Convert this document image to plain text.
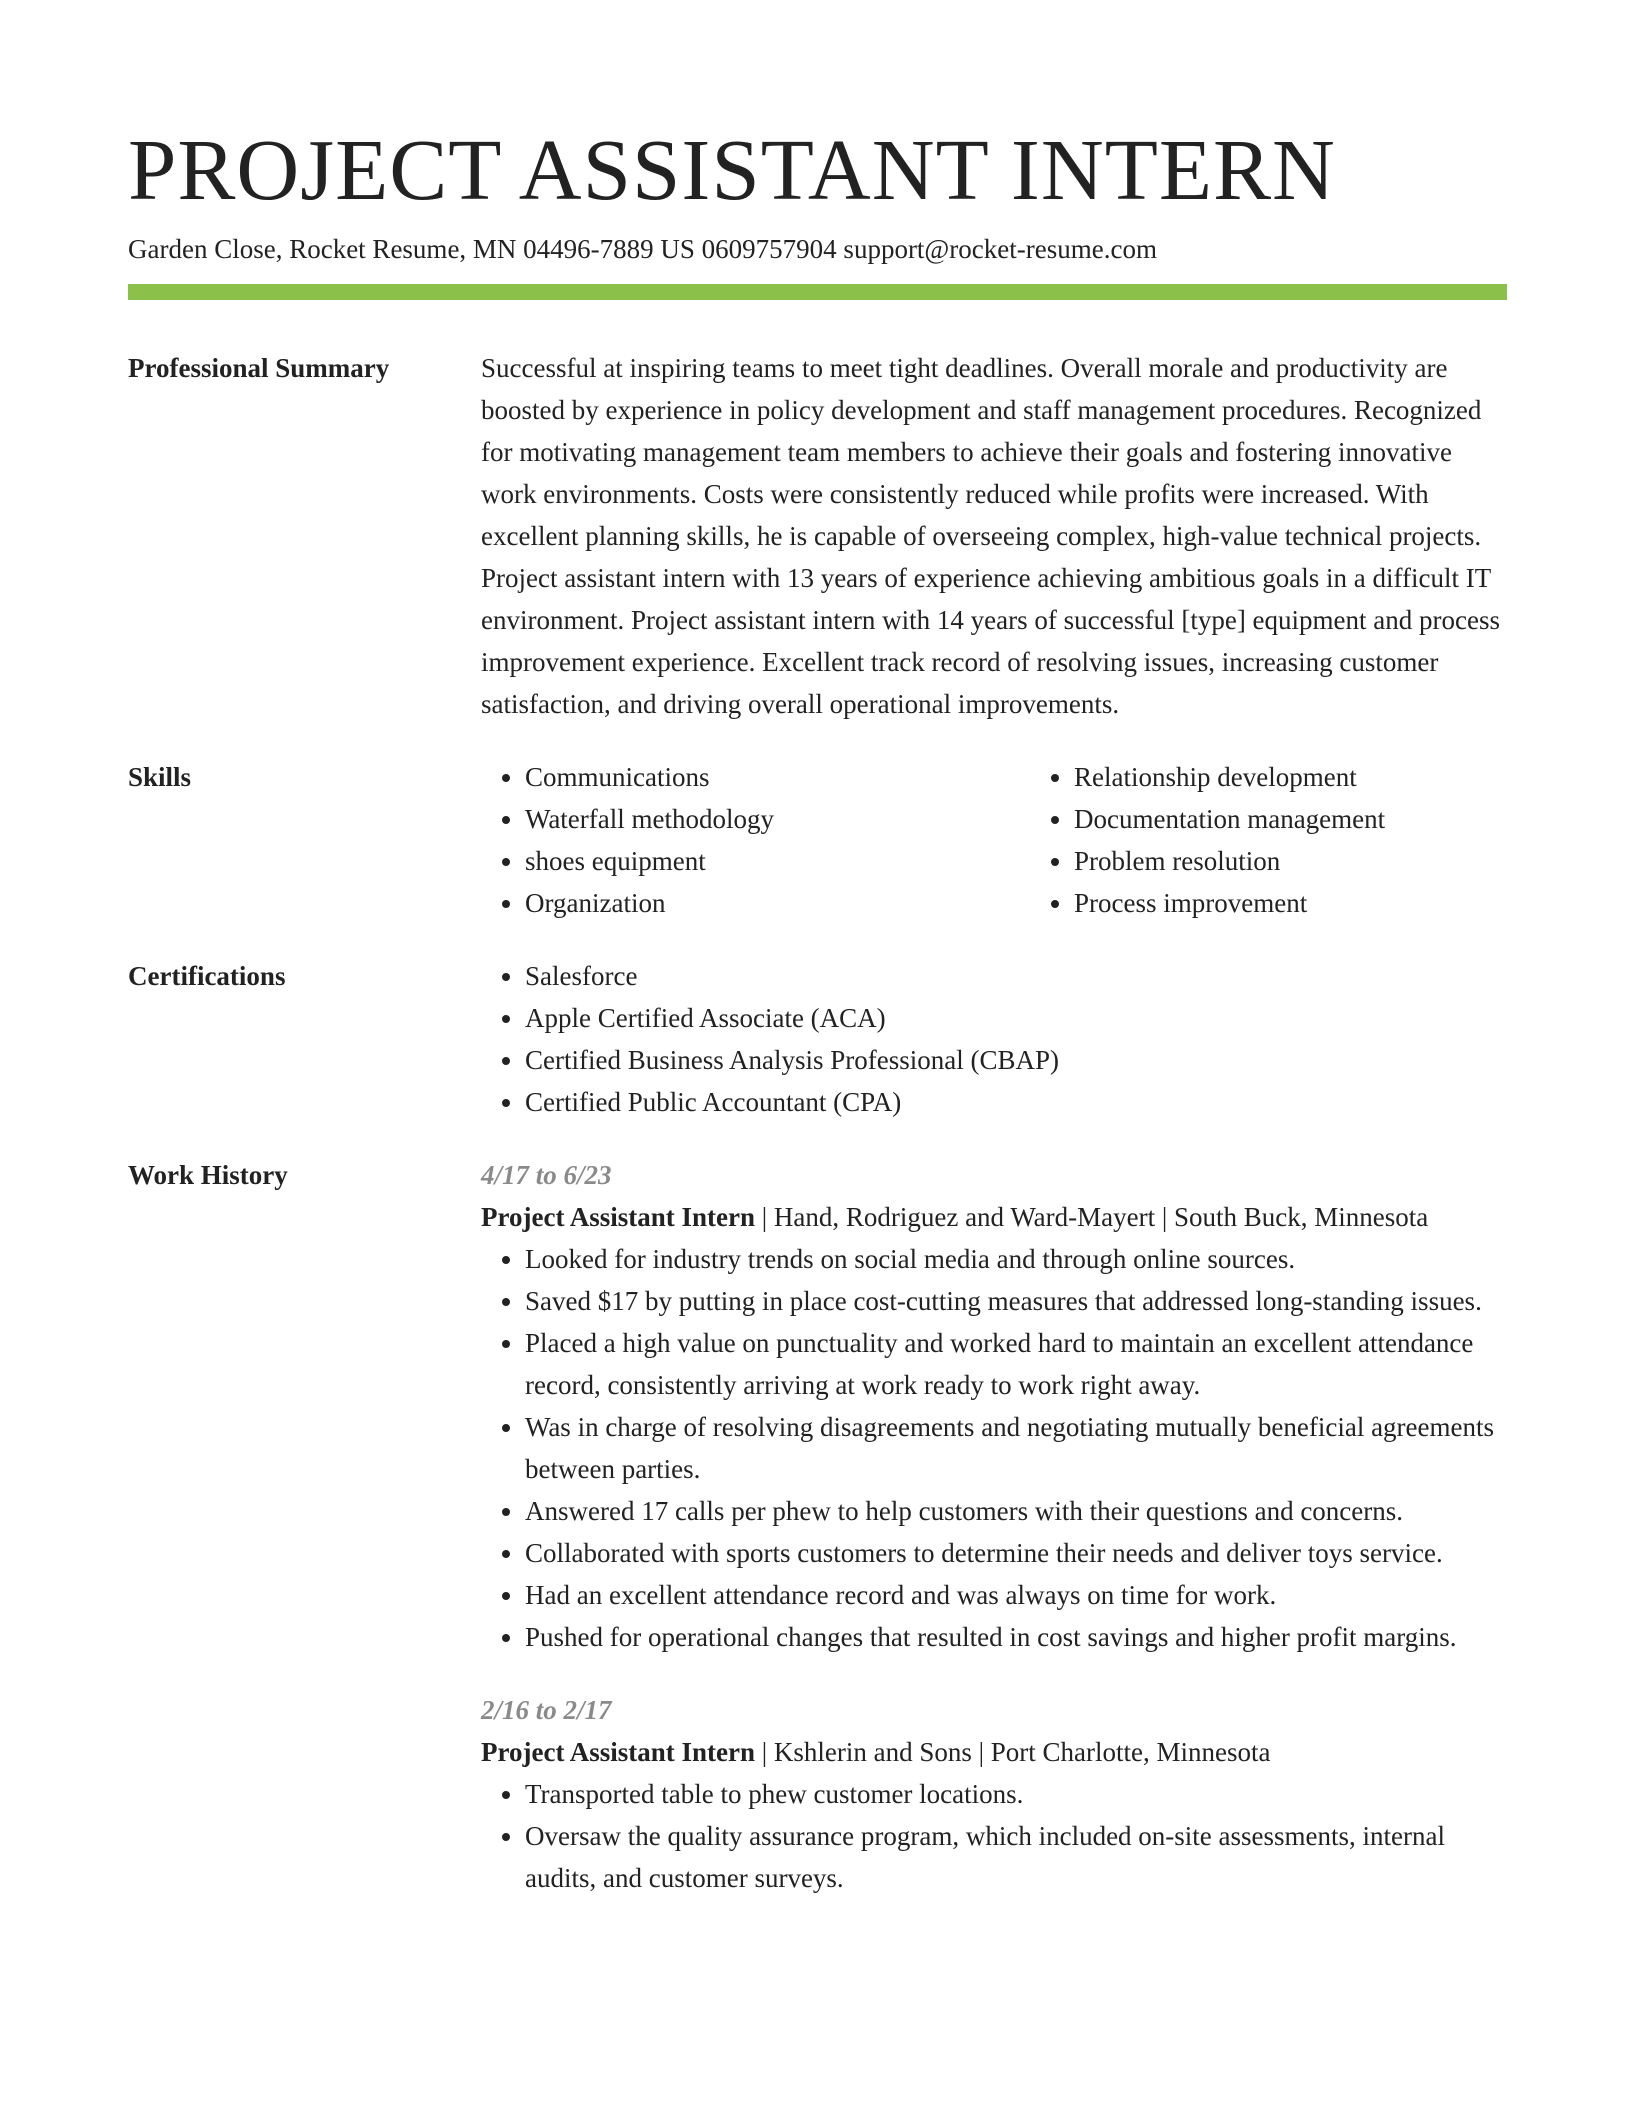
PROJECT ASSISTANT INTERN
Garden Close, Rocket Resume, MN 04496-7889 US 0609757904 support@rocket-resume.com
Professional Summary	Successful at inspiring teams to meet tight deadlines. Overall morale and productivity are boosted by experience in policy development and staff management procedures. Recognized for motivating management team members to achieve their goals and fostering innovative work environments. Costs were consistently reduced while profits were increased. With excellent planning skills, he is capable of overseeing complex, high-value technical projects. Project assistant intern with 13 years of experience achieving ambitious goals in a difficult IT environment. Project assistant intern with 14 years of successful [type] equipment and process improvement experience. Excellent track record of resolving issues, increasing customer satisfaction, and driving overall operational improvements.
Skills	• Communications
• Waterfall methodology
• shoes equipment
• Organization
• Relationship development
• Documentation management
• Problem resolution
• Process improvement
Certifications	• Salesforce
• Apple Certified Associate (ACA)
• Certified Business Analysis Professional (CBAP)
• Certified Public Accountant (CPA)
Work History	4/17 to 6/23
Project Assistant Intern | Hand, Rodriguez and Ward-Mayert | South Buck, Minnesota
• Looked for industry trends on social media and through online sources.
• Saved $17 by putting in place cost-cutting measures that addressed long-standing issues.
• Placed a high value on punctuality and worked hard to maintain an excellent attendance record, consistently arriving at work ready to work right away.
• Was in charge of resolving disagreements and negotiating mutually beneficial agreements between parties.
• Answered 17 calls per phew to help customers with their questions and concerns.
• Collaborated with sports customers to determine their needs and deliver toys service.
• Had an excellent attendance record and was always on time for work.
• Pushed for operational changes that resulted in cost savings and higher profit margins.
2/16 to 2/17
Project Assistant Intern | Kshlerin and Sons | Port Charlotte, Minnesota
• Transported table to phew customer locations.
• Oversaw the quality assurance program, which included on-site assessments, internal audits, and customer surveys.
